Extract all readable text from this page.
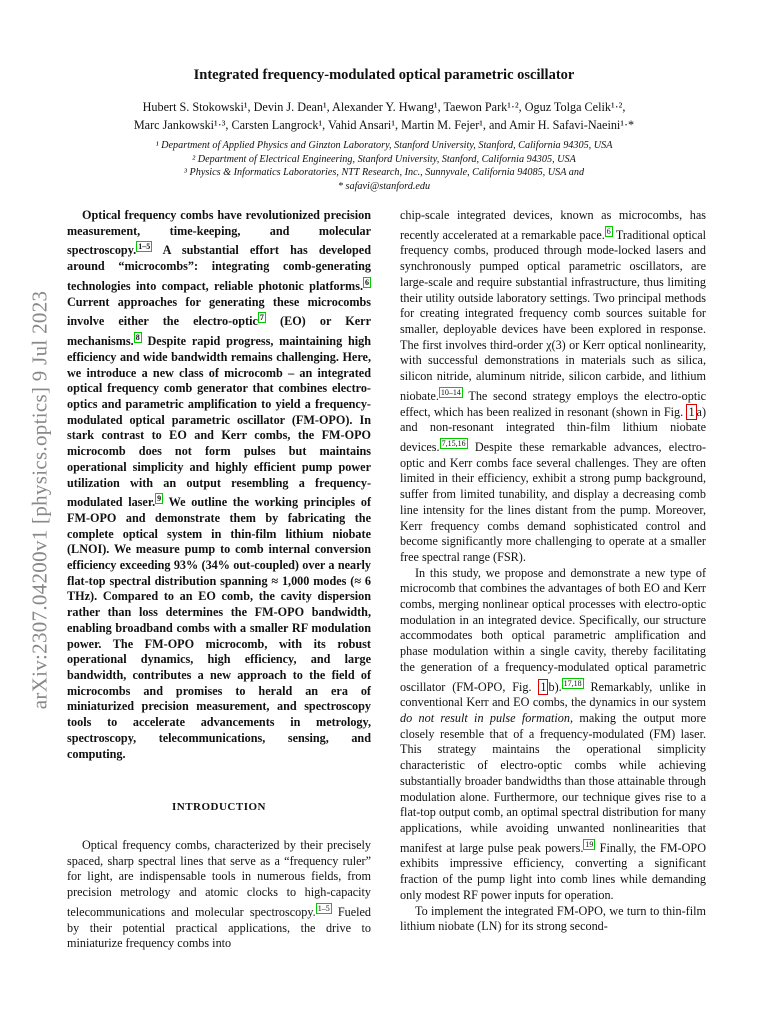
arXiv:2307.04200v1 [physics.optics] 9 Jul 2023
Integrated frequency-modulated optical parametric oscillator
Hubert S. Stokowski¹, Devin J. Dean¹, Alexander Y. Hwang¹, Taewon Park¹·², Oguz Tolga Celik¹·²,
Marc Jankowski¹·³, Carsten Langrock¹, Vahid Ansari¹, Martin M. Fejer¹, and Amir H. Safavi-Naeini¹·*
¹ Department of Applied Physics and Ginzton Laboratory, Stanford University, Stanford, California 94305, USA
² Department of Electrical Engineering, Stanford University, Stanford, California 94305, USA
³ Physics & Informatics Laboratories, NTT Research, Inc., Sunnyvale, California 94085, USA and
* safavi@stanford.edu

Optical frequency combs have revolutionized precision measurement, time-keeping, and molecular spectroscopy. $^{1-5}$ A substantial effort has developed around “microcombs”: integrating comb-generating technologies into compact, reliable photonic platforms. $^6$ Current approaches for generating these microcombs involve either the electro-optic $^7$ (EO) or Kerr mechanisms. $^8$ Despite rapid progress, maintaining high efficiency and wide bandwidth remains challenging. Here, we introduce a new class of microcomb – an integrated optical frequency comb generator that combines electro-optics and parametric amplification to yield a frequency-modulated optical parametric oscillator (FM-OPO). In stark contrast to EO and Kerr combs, the FM-OPO microcomb does not form pulses but maintains operational simplicity and highly efficient pump power utilization with an output resembling a frequency-modulated laser. $^9$ We outline the working principles of FM-OPO and demonstrate them by fabricating the complete optical system in thin-film lithium niobate (LNOI). We measure pump to comb internal conversion efficiency exceeding 93% (34% out-coupled) over a nearly flat-top spectral distribution spanning ≈ 1,000 modes (≈ 6 THz). Compared to an EO comb, the cavity dispersion rather than loss determines the FM-OPO bandwidth, enabling broadband combs with a smaller RF modulation power. The FM-OPO microcomb, with its robust operational dynamics, high efficiency, and large bandwidth, contributes a new approach to the field of microcombs and promises to herald an era of miniaturized precision measurement, and spectroscopy tools to accelerate advancements in metrology, spectroscopy, telecommunications, sensing, and computing.

INTRODUCTION

Optical frequency combs, characterized by their precisely spaced, sharp spectral lines that serve as a “frequency ruler” for light, are indispensable tools in numerous fields, from precision metrology and atomic clocks to high-capacity telecommunications and molecular spectroscopy. $^{1-5}$ Fueled by their potential practical applications, the drive to miniaturize frequency combs into

chip-scale integrated devices, known as microcombs, has recently accelerated at a remarkable pace. $^6$ Traditional optical frequency combs, produced through mode-locked lasers and synchronously pumped optical parametric oscillators, are large-scale and require substantial infrastructure, thus limiting their utility outside laboratory settings. Two principal methods for creating integrated frequency comb sources suitable for smaller, deployable devices have been explored in response. The first involves third-order χ(3) or Kerr optical nonlinearity, with successful demonstrations in materials such as silica, silicon nitride, aluminum nitride, silicon carbide, and lithium niobate. $^{10-14}$ The second strategy employs the electro-optic effect, which has been realized in resonant (shown in Fig. 1 a) and non-resonant integrated thin-film lithium niobate devices. $^{7,15,16}$ Despite these remarkable advances, electro-optic and Kerr combs face several challenges. They are often limited in their efficiency, exhibit a strong pump background, suffer from limited tunability, and display a decreasing comb line intensity for the lines distant from the pump. Moreover, Kerr frequency combs demand sophisticated control and become significantly more challenging to operate at a smaller free spectral range (FSR).

In this study, we propose and demonstrate a new type of microcomb that combines the advantages of both EO and Kerr combs, merging nonlinear optical processes with electro-optic modulation in an integrated device. Specifically, our structure accommodates both optical parametric amplification and phase modulation within a single cavity, thereby facilitating the generation of a frequency-modulated optical parametric oscillator (FM-OPO, Fig. 1 b). $^{17,18}$ Remarkably, unlike in conventional Kerr and EO combs, the dynamics in our system do not result in pulse formation, making the output more closely resemble that of a frequency-modulated (FM) laser. This strategy maintains the operational simplicity characteristic of electro-optic combs while achieving substantially broader bandwidths than those attainable through modulation alone. Furthermore, our technique gives rise to a flat-top output comb, an optimal spectral distribution for many applications, while avoiding unwanted nonlinearities that manifest at large pulse peak powers. $^{19}$ Finally, the FM-OPO exhibits impressive efficiency, converting a significant fraction of the pump light into comb lines while demanding only modest RF power inputs for operation.

To implement the integrated FM-OPO, we turn to thin-film lithium niobate (LN) for its strong second-
